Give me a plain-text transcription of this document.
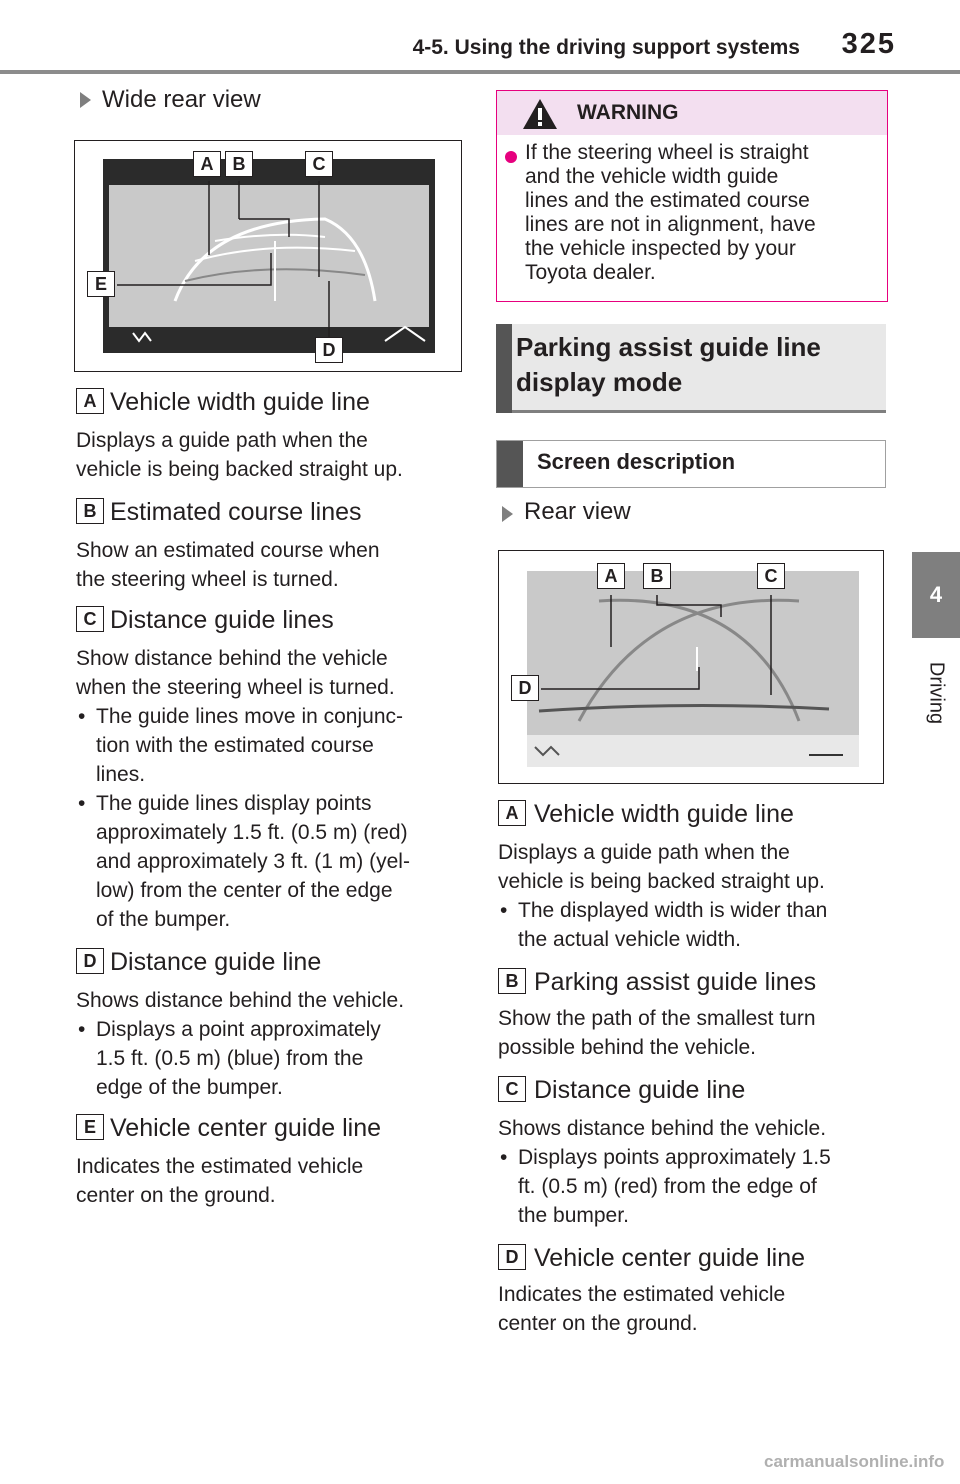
4-5. Using the driving support systems	325
4
Driving
Wide rear view
A	B	C
D
E
A Vehicle width guide line
Displays a guide path when the
vehicle is being backed straight up.
B Estimated course lines
Show an estimated course when
the steering wheel is turned.
C Distance guide lines
Show distance behind the vehicle
when the steering wheel is turned.
• The guide lines move in conjunc-
tion with the estimated course
lines.
• The guide lines display points
approximately 1.5 ft. (0.5 m) (red)
and approximately 3 ft. (1 m) (yel-
low) from the center of the edge
of the bumper.
D Distance guide line
Shows distance behind the vehicle.
• Displays a point approximately
1.5 ft. (0.5 m) (blue) from the
edge of the bumper.
E Vehicle center guide line
Indicates the estimated vehicle
center on the ground.
WARNING
If the steering wheel is straight
and the vehicle width guide
lines and the estimated course
lines are not in alignment, have
the vehicle inspected by your
Toyota dealer.
Parking assist guide line
display mode
Screen description
Rear view
A	B	C
D
A Vehicle width guide line
Displays a guide path when the
vehicle is being backed straight up.
• The displayed width is wider than
the actual vehicle width.
B Parking assist guide lines
Show the path of the smallest turn
possible behind the vehicle.
C Distance guide line
Shows distance behind the vehicle.
• Displays points approximately 1.5
ft. (0.5 m) (red) from the edge of
the bumper.
D Vehicle center guide line
Indicates the estimated vehicle
center on the ground.
carmanualsonline.info
